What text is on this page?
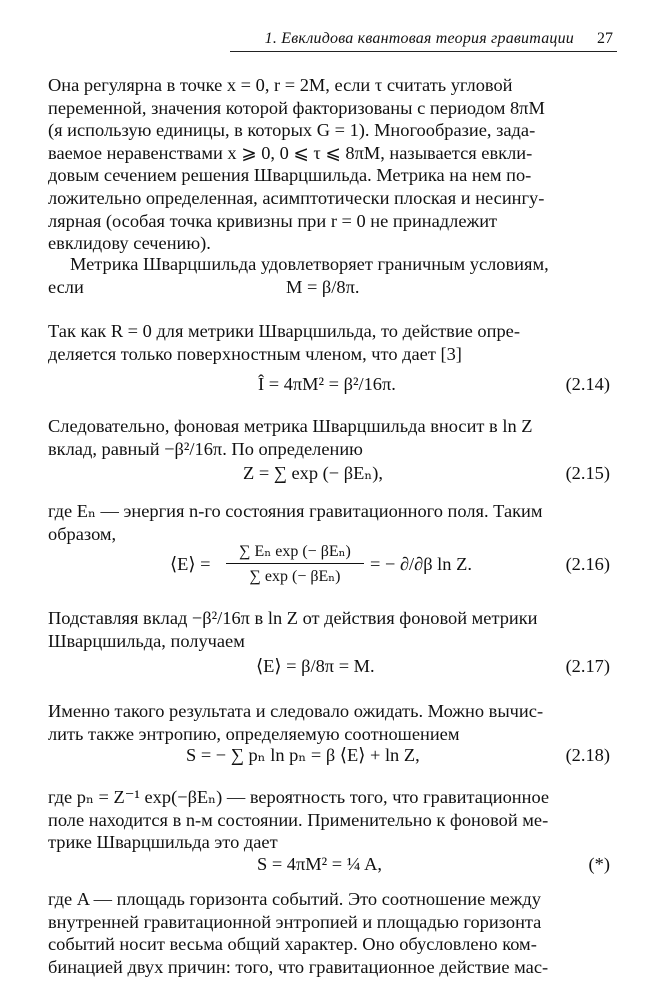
1. Евклидова квантовая теория гравитации 27
Она регулярна в точке x = 0, r = 2M, если τ считать угловой
переменной, значения которой факторизованы с периодом 8πM
(я использую единицы, в которых G = 1). Многообразие, зада-
ваемое неравенствами x ⩾ 0, 0 ⩽ τ ⩽ 8πM, называется евкли-
довым сечением решения Шварцшильда. Метрика на нем по-
ложительно определенная, асимптотически плоская и несингу-
лярная (особая точка кривизны при r = 0 не принадлежит
евклидову сечению).
Метрика Шварцшильда удовлетворяет граничным условиям,
если	M = β/8π.
Так как R = 0 для метрики Шварцшильда, то действие опре-
деляется только поверхностным членом, что дает [3]
Î = 4πM² = β²/16π.	(2.14)
Следовательно, фоновая метрика Шварцшильда вносит в ln Z
вклад, равный −β²/16π. По определению
Z = ∑ exp (− βEₙ),	(2.15)
где Eₙ — энергия n-го состояния гравитационного поля. Таким
образом,
⟨E⟩ =
∑ Eₙ exp (− βEₙ)
∑ exp (− βEₙ)
= − ∂/∂β ln Z.	(2.16)
Подставляя вклад −β²/16π в ln Z от действия фоновой метрики
Шварцшильда, получаем
⟨E⟩ = β/8π = M.	(2.17)
Именно такого результата и следовало ожидать. Можно вычис-
лить также энтропию, определяемую соотношением
S = − ∑ pₙ ln pₙ = β ⟨E⟩ + ln Z,	(2.18)
где pₙ = Z⁻¹ exp(−βEₙ) — вероятность того, что гравитационное
поле находится в n-м состоянии. Применительно к фоновой ме-
трике Шварцшильда это дает
S = 4πM² = ¼ A,	(*)
где A — площадь горизонта событий. Это соотношение между
внутренней гравитационной энтропией и площадью горизонта
событий носит весьма общий характер. Оно обусловлено ком-
бинацией двух причин: того, что гравитационное действие мас-
